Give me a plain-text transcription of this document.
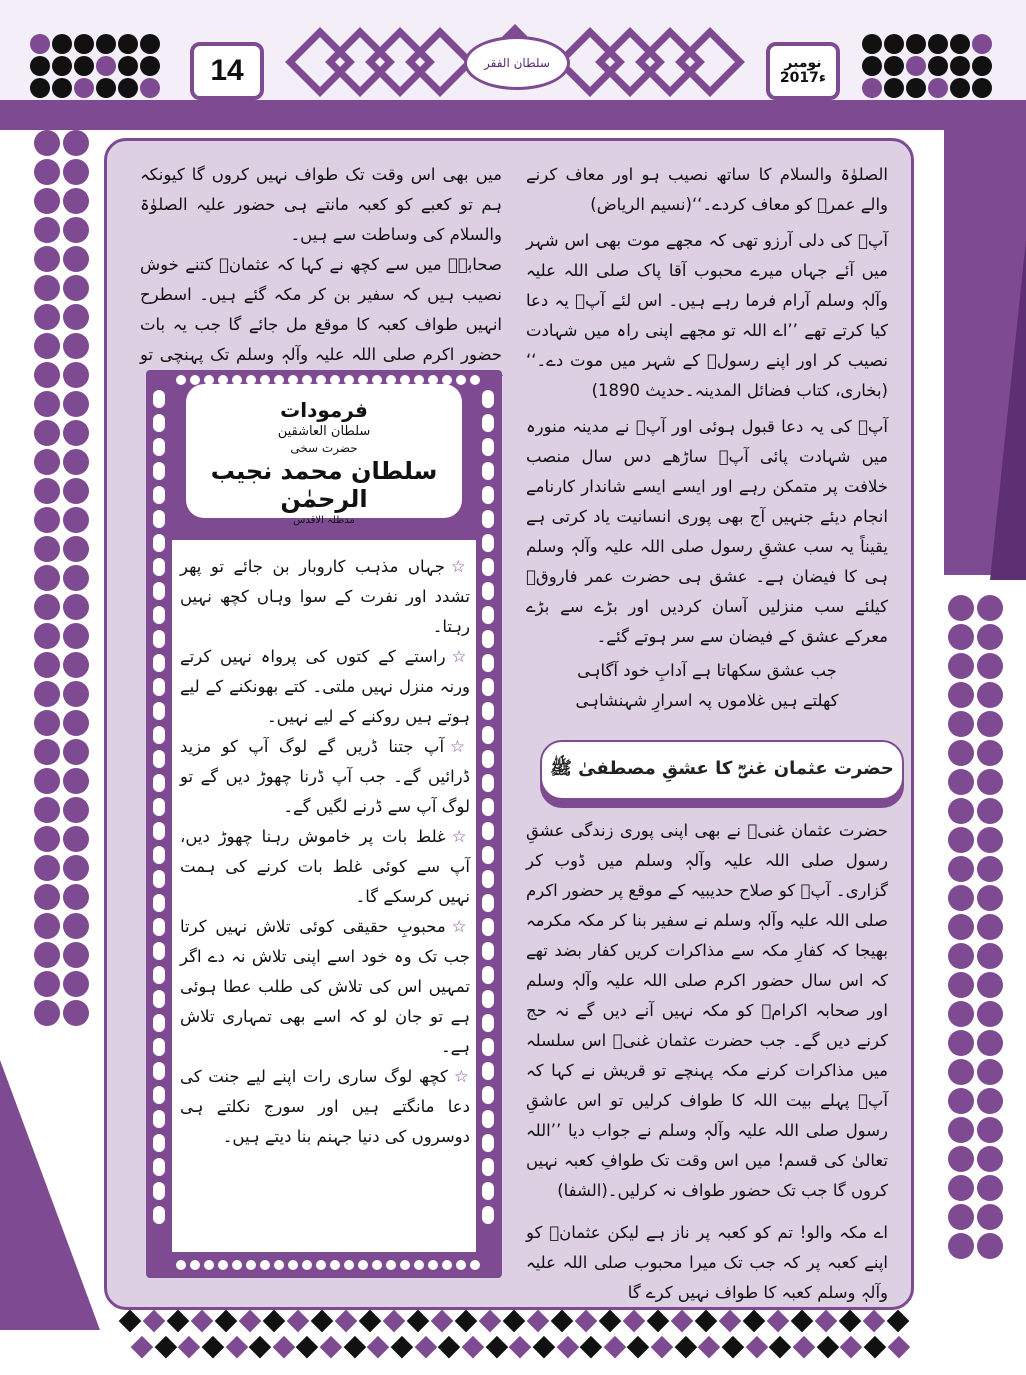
14	نومبر
2017ء
سلطان الفقر

الصلوٰۃ والسلام کا ساتھ نصیب ہو اور معاف کرنے والے عمرؓ کو معاف کردے۔‘‘(نسیم الریاض)

آپؓ کی دلی آرزو تھی کہ مجھے موت بھی اس شہر میں آئے جہاں میرے محبوب آقا پاک صلی اللہ علیہ وآلہٖ وسلم آرام فرما رہے ہیں۔ اس لئے آپؓ یہ دعا کیا کرتے تھے ’’اے اللہ تو مجھے اپنی راہ میں شہادت نصیب کر اور اپنے رسولؐ کے شہر میں موت دے۔‘‘ (بخاری، کتاب فضائل المدینہ۔حدیث 1890)

آپؓ کی یہ دعا قبول ہوئی اور آپؓ نے مدینہ منورہ میں شہادت پائی آپؓ ساڑھے دس سال منصب خلافت پر متمکن رہے اور ایسے ایسے شاندار کارنامے انجام دیئے جنہیں آج بھی پوری انسانیت یاد کرتی ہے یقیناً یہ سب عشقِ رسول صلی اللہ علیہ وآلہٖ وسلم ہی کا فیضان ہے۔ عشق ہی حضرت عمر فاروقؓ کیلئے سب منزلیں آسان کردیں اور بڑے سے بڑے معرکے عشق کے فیضان سے سر ہوتے گئے۔

جب عشق سکھاتا ہے آدابِ خود آگاہی
کھلتے ہیں غلاموں پہ اسرارِ شہنشاہی
حضرت عثمان غنیؓ کا عشقِ مصطفیٰ ﷺ

حضرت عثمان غنیؓ نے بھی اپنی پوری زندگی عشقِ رسول صلی اللہ علیہ وآلہٖ وسلم میں ڈوب کر گزاری۔ آپؓ کو صلاح حدیبیہ کے موقع پر حضور اکرم صلی اللہ علیہ وآلہٖ وسلم نے سفیر بنا کر مکہ مکرمہ بھیجا کہ کفارِ مکہ سے مذاکرات کریں کفار بضد تھے کہ اس سال حضور اکرم صلی اللہ علیہ وآلہٖ وسلم اور صحابہ اکرامؓ کو مکہ نہیں آنے دیں گے نہ حج کرنے دیں گے۔ جب حضرت عثمان غنیؓ اس سلسلہ میں مذاکرات کرنے مکہ پہنچے تو قریش نے کہا کہ آپؓ پہلے بیت اللہ کا طواف کرلیں تو اس عاشقِ رسول صلی اللہ علیہ وآلہٖ وسلم نے جواب دیا ’’اللہ تعالیٰ کی قسم! میں اس وقت تک طوافِ کعبہ نہیں کروں گا جب تک حضور طواف نہ کرلیں۔(الشفا)

اے مکہ والو! تم کو کعبہ پر ناز ہے لیکن عثمانؓ کو اپنے کعبہ پر کہ جب تک میرا محبوب صلی اللہ علیہ وآلہٖ وسلم کعبہ کا طواف نہیں کرے گا

میں بھی اس وقت تک طواف نہیں کروں گا کیونکہ ہم تو کعبے کو کعبہ مانتے ہی حضور علیہ الصلوٰۃ والسلام کی وساطت سے ہیں۔

صحابہؓ میں سے کچھ نے کہا کہ عثمانؓ کتنے خوش نصیب ہیں کہ سفیر بن کر مکہ گئے ہیں۔ اسطرح انہیں طواف کعبہ کا موقع مل جائے گا جب یہ بات حضور اکرم صلی اللہ علیہ وآلہٖ وسلم تک پہنچی تو

فرمودات
سلطان العاشقین
حضرت سخی
سلطان محمد نجیب الرحمٰن
مدظلہ الاقدس

☆جہاں مذہب کاروبار بن جائے تو پھر تشدد اور نفرت کے سوا وہاں کچھ نہیں رہتا۔

☆راستے کے کتوں کی پرواہ نہیں کرتے ورنہ منزل نہیں ملتی۔ کتے بھونکنے کے لیے ہوتے ہیں روکنے کے لیے نہیں۔

☆آپ جتنا ڈریں گے لوگ آپ کو مزید ڈرائیں گے۔ جب آپ ڈرنا چھوڑ دیں گے تو لوگ آپ سے ڈرنے لگیں گے۔

☆غلط بات پر خاموش رہنا چھوڑ دیں، آپ سے کوئی غلط بات کرنے کی ہمت نہیں کرسکے گا۔

☆محبوبِ حقیقی کوئی تلاش نہیں کرتا جب تک وہ خود اسے اپنی تلاش نہ دے اگر تمہیں اس کی تلاش کی طلب عطا ہوئی ہے تو جان لو کہ اسے بھی تمہاری تلاش ہے۔

☆کچھ لوگ ساری رات اپنے لیے جنت کی دعا مانگتے ہیں اور سورج نکلتے ہی دوسروں کی دنیا جہنم بنا دیتے ہیں۔
